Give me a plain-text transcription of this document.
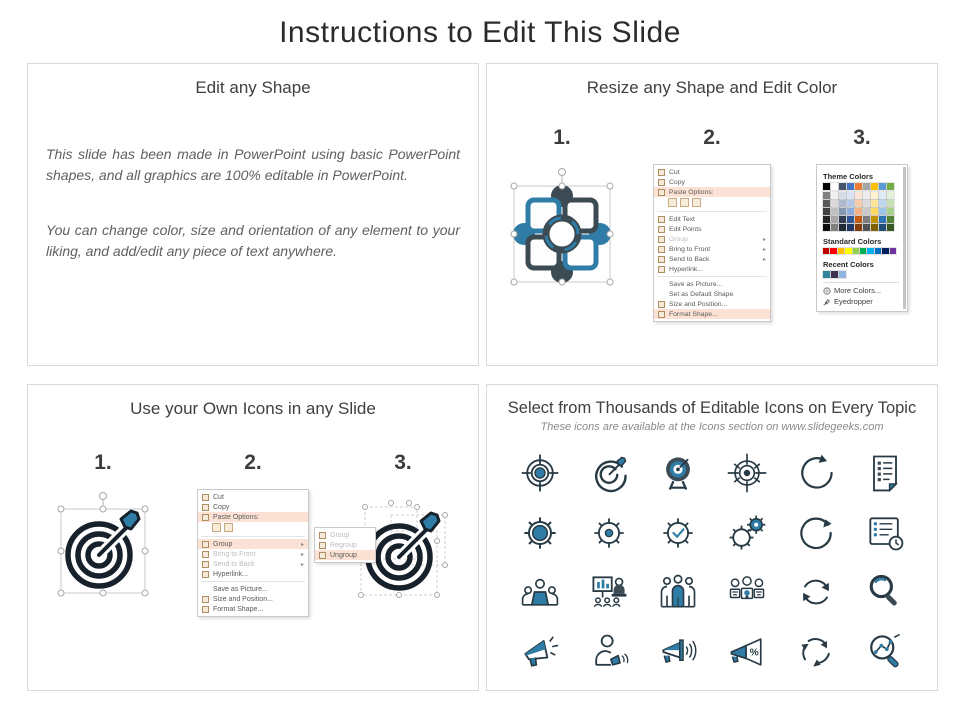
Instructions to Edit This Slide
Edit any Shape

This slide has been made in PowerPoint using basic PowerPoint shapes, and all graphics are 100% editable in PowerPoint.

You can change color, size and orientation of any element to your liking, and add/edit any piece of text anywhere.

Resize any Shape and Edit Color
1.	2.
Cut
Copy
Paste Options:
Edit Text
Edit Points
Group	▸
Bring to Front	▸
Send to Back	▸
Hyperlink...
Save as Picture...
Set as Default Shape
Size and Position...
Format Shape...
3.
Theme Colors
Standard Colors
Recent Colors
More Colors...
Eyedropper
Use your Own Icons in any Slide
1.	2.
Cut
Copy
Paste Options:
Group	▸
Bring to Front	▸
Send to Back	▸
Hyperlink...
Save as Picture...
Size and Position...
Format Shape...
Group
Regroup
Ungroup
3.
Select from Thousands of Editable Icons on Every Topic
These icons are available at the Icons section on www.slidegeeks.com
%
